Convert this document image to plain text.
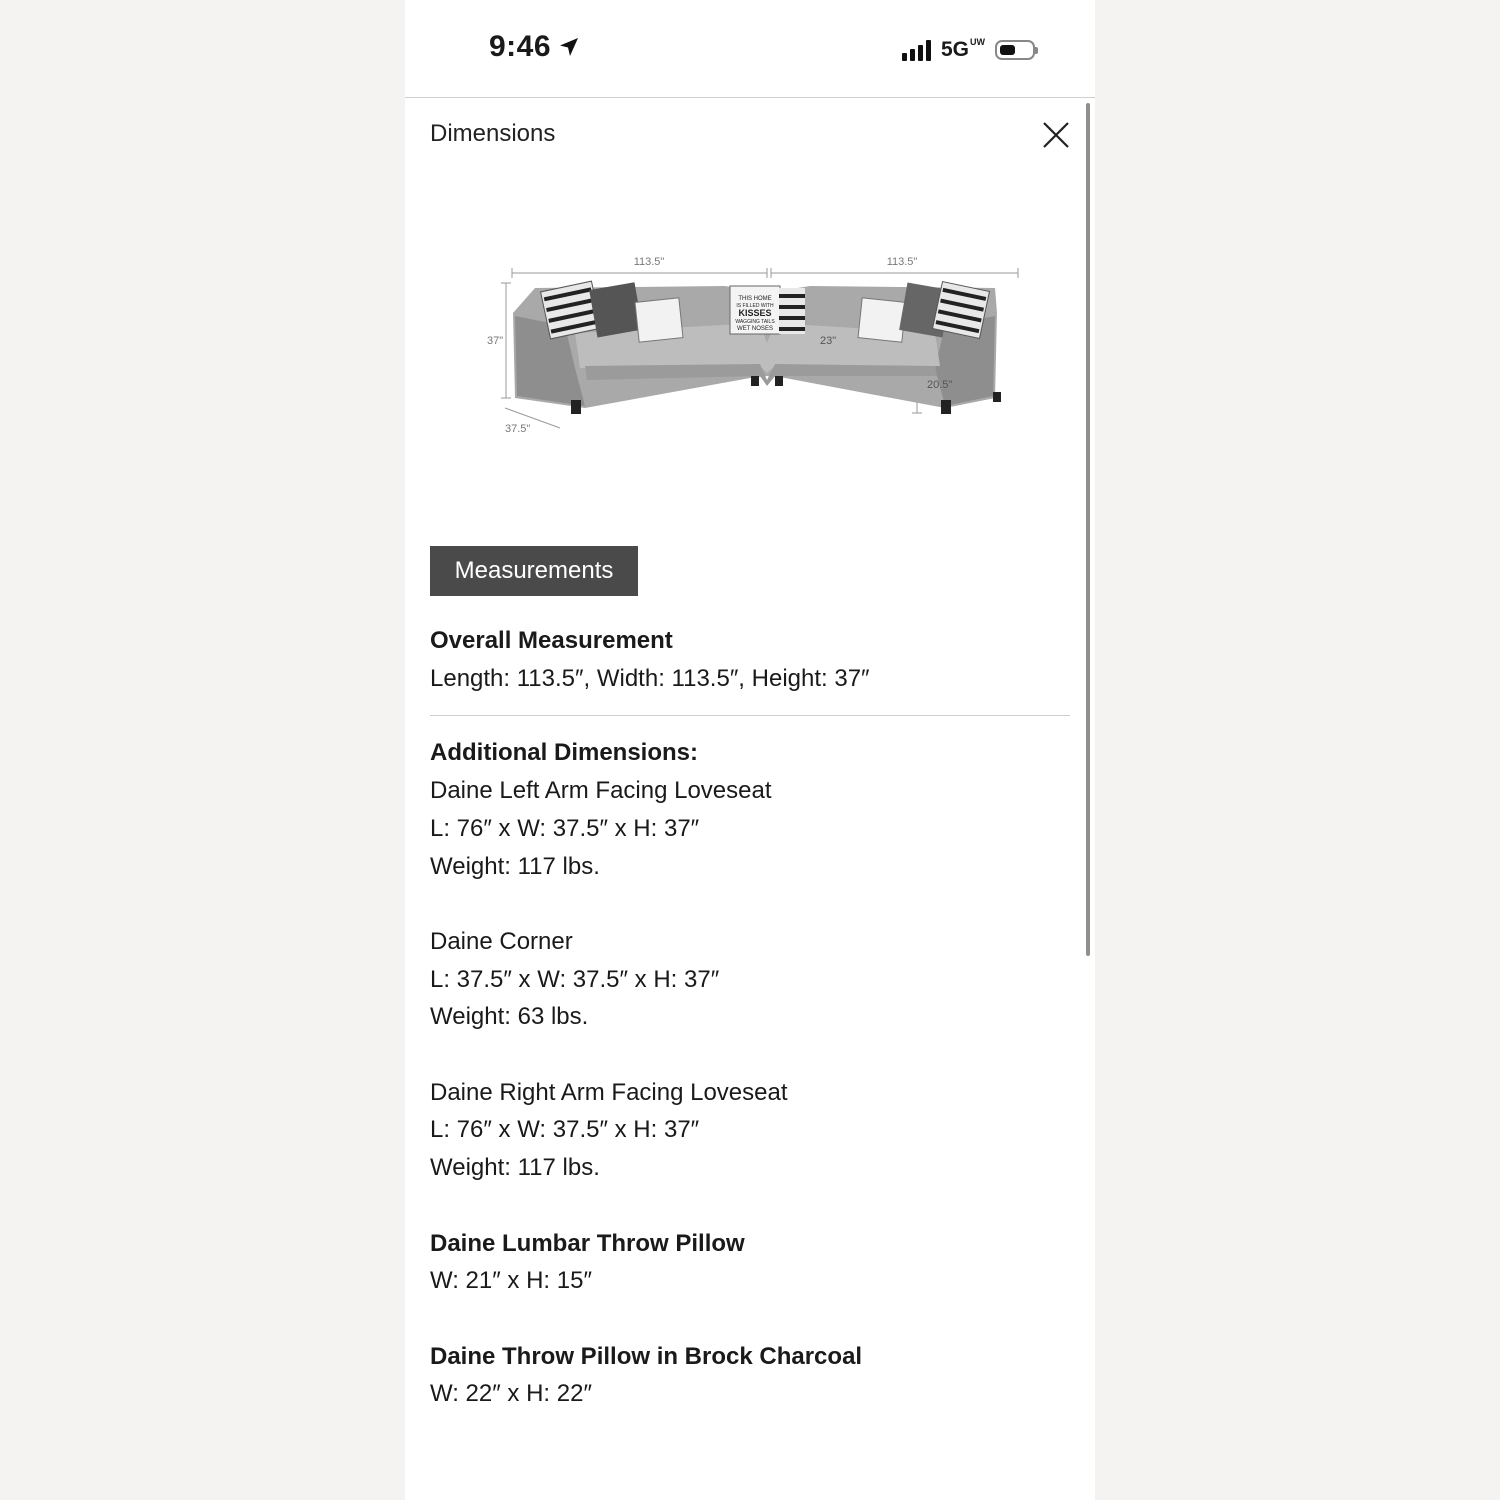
9:46	5G UW
Dimensions
THIS HOME
IS FILLED WITH
KISSES
WAGGING TAILS
WET NOSES
113.5"	113.5"
37"
37.5"
23"
20.5"
Measurements
Overall Measurement
Length: 113.5″, Width: 113.5″, Height: 37″
Additional Dimensions:
Daine Left Arm Facing Loveseat
L: 76″ x W: 37.5″ x H: 37″
Weight: 117 lbs.
Daine Corner
L: 37.5″ x W: 37.5″ x H: 37″
Weight: 63 lbs.
Daine Right Arm Facing Loveseat
L: 76″ x W: 37.5″ x H: 37″
Weight: 117 lbs.
Daine Lumbar Throw Pillow
W: 21″ x H: 15″
Daine Throw Pillow in Brock Charcoal
W: 22″ x H: 22″
